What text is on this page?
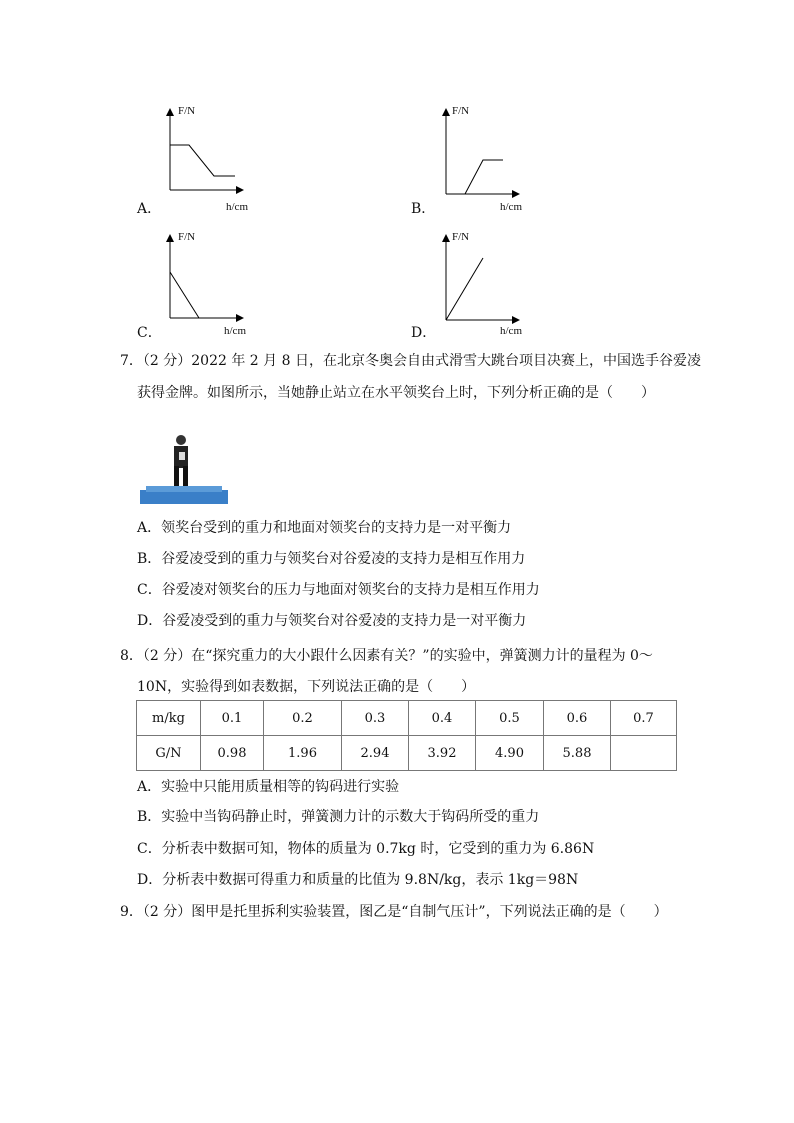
F/N
h/cm
A．
F/N
h/cm
B．
F/N
h/cm
C．
F/N
h/cm
D．
7．（2 分）2022 年 2 月 8 日，在北京冬奥会自由式滑雪大跳台项目决赛上，中国选手谷爱凌
获得金牌。如图所示，当她静止站立在水平领奖台上时，下列分析正确的是（　　）
A．领奖台受到的重力和地面对领奖台的支持力是一对平衡力
B．谷爱凌受到的重力与领奖台对谷爱凌的支持力是相互作用力
C．谷爱凌对领奖台的压力与地面对领奖台的支持力是相互作用力
D．谷爱凌受到的重力与领奖台对谷爱凌的支持力是一对平衡力
8．（2 分）在“探究重力的大小跟什么因素有关？”的实验中，弹簧测力计的量程为 0～
10N，实验得到如表数据，下列说法正确的是（　　）
m/kg	0.1	0.2	0.3	0.4	0.5	0.6	0.7
G/N	0.98	1.96	2.94	3.92	4.90	5.88	
A．实验中只能用质量相等的钩码进行实验
B．实验中当钩码静止时，弹簧测力计的示数大于钩码所受的重力
C．分析表中数据可知，物体的质量为 0.7kg 时，它受到的重力为 6.86N
D．分析表中数据可得重力和质量的比值为 9.8N/kg，表示 1kg＝98N
9．（2 分）图甲是托里拆利实验装置，图乙是“自制气压计”，下列说法正确的是（　　）
